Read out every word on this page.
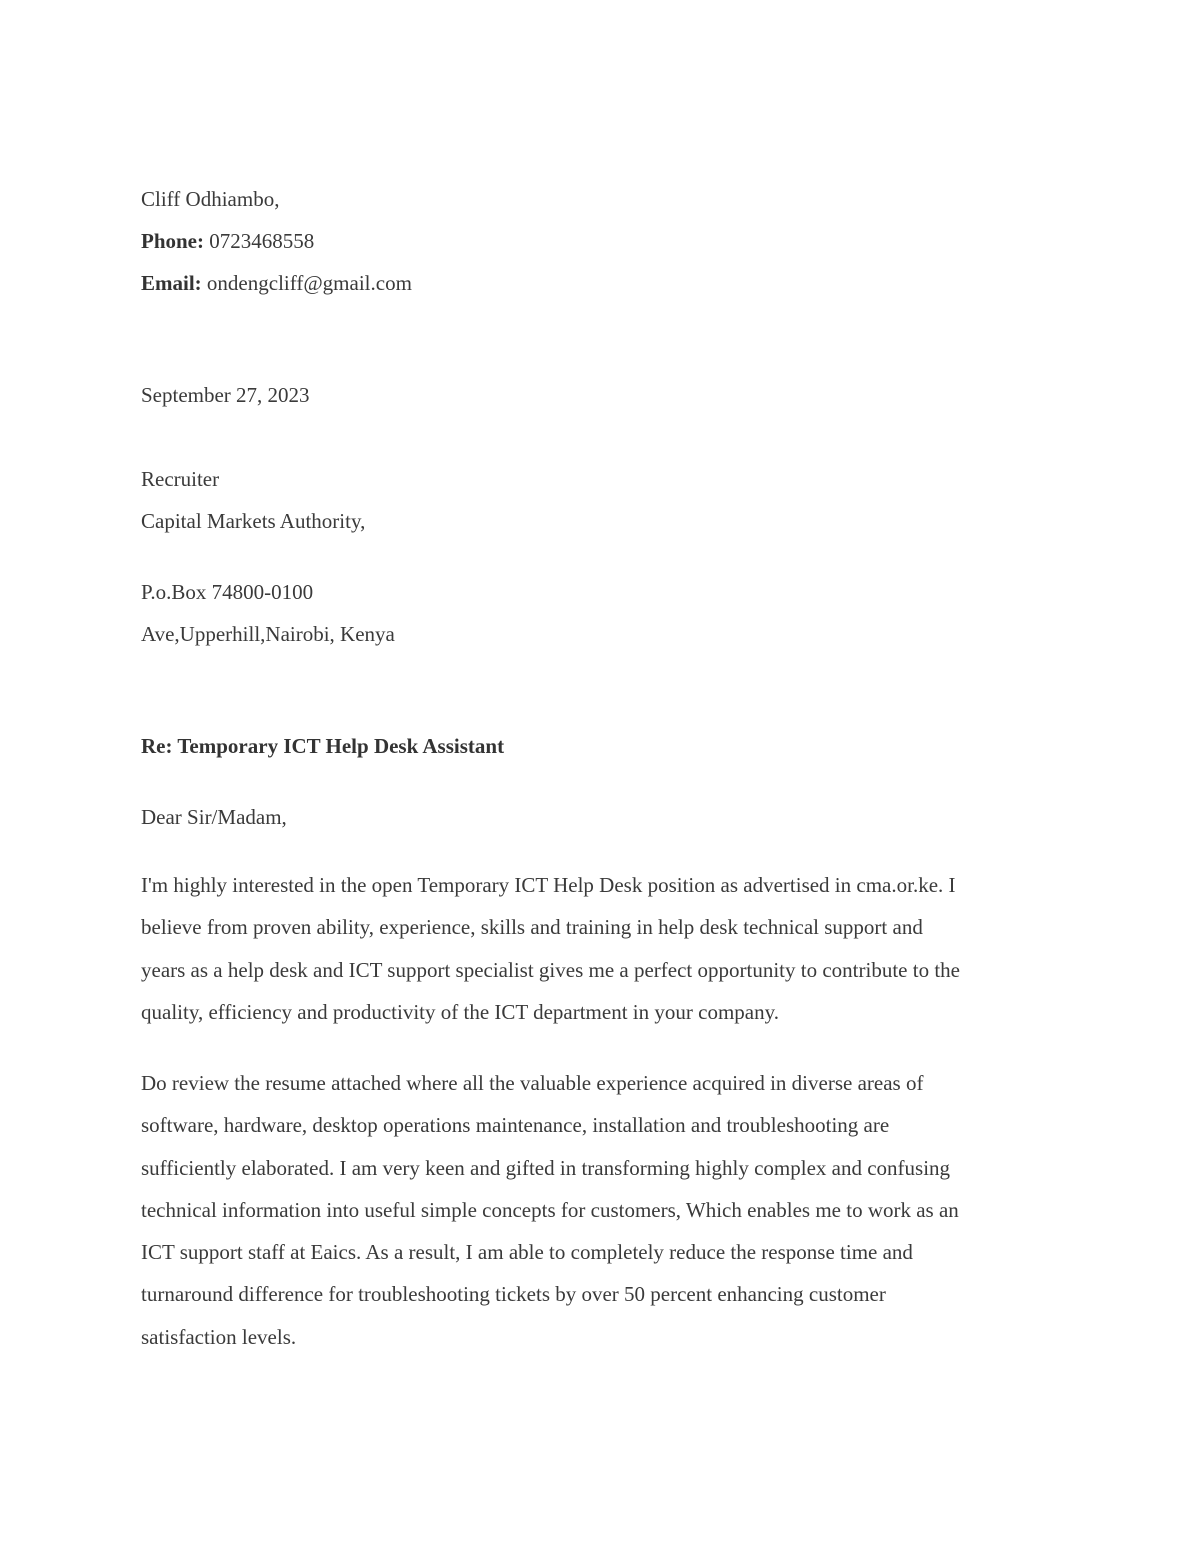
Cliff Odhiambo,
Phone: 0723468558
Email: ondengcliff@gmail.com
September 27, 2023
Recruiter
Capital Markets Authority,
P.o.Box 74800-0100
Ave,Upperhill,Nairobi, Kenya
Re: Temporary ICT Help Desk Assistant
Dear Sir/Madam,
I'm highly interested in the open Temporary ICT Help Desk position as advertised in cma.or.ke. I
believe from proven ability, experience, skills and training in help desk technical support and
years as a help desk and ICT support specialist gives me a perfect opportunity to contribute to the
quality, efficiency and productivity of the ICT department in your company.
Do review the resume attached where all the valuable experience acquired in diverse areas of
software, hardware, desktop operations maintenance, installation and troubleshooting are
sufficiently elaborated. I am very keen and gifted in transforming highly complex and confusing
technical information into useful simple concepts for customers, Which enables me to work as an
ICT support staff at Eaics. As a result, I am able to completely reduce the response time and
turnaround difference for troubleshooting tickets by over 50 percent enhancing customer
satisfaction levels.
